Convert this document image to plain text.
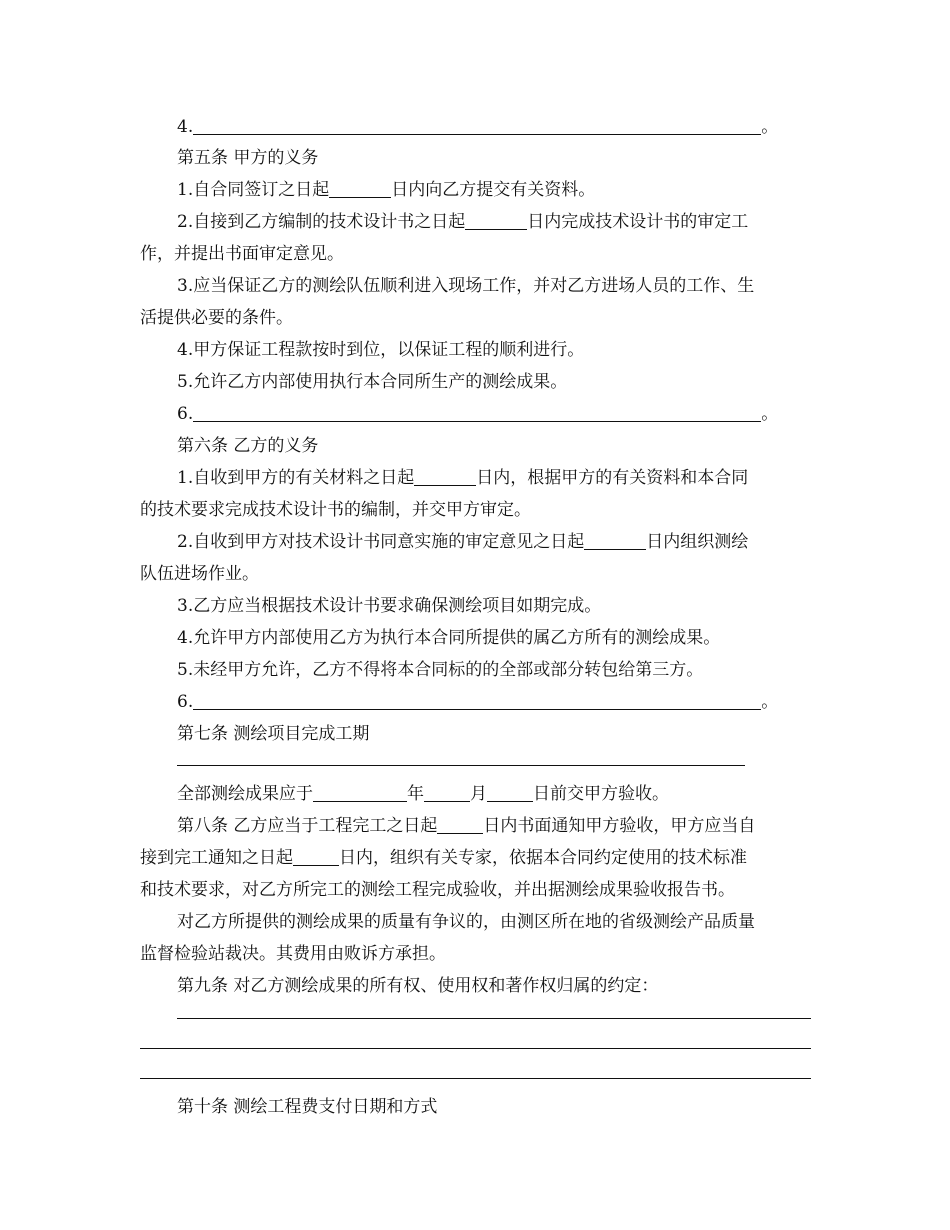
4.	。
第五条 甲方的义务
1.自合同签订之日起	日内向乙方提交有关资料。
2.自接到乙方编制的技术设计书之日起	日内完成技术设计书的审定工
作，并提出书面审定意见。
3.应当保证乙方的测绘队伍顺利进入现场工作，并对乙方进场人员的工作、生
活提供必要的条件。
4.甲方保证工程款按时到位，以保证工程的顺利进行。
5.允许乙方内部使用执行本合同所生产的测绘成果。
6.	。
第六条 乙方的义务
1.自收到甲方的有关材料之日起	日内，根据甲方的有关资料和本合同
的技术要求完成技术设计书的编制，并交甲方审定。
2.自收到甲方对技术设计书同意实施的审定意见之日起	日内组织测绘
队伍进场作业。
3.乙方应当根据技术设计书要求确保测绘项目如期完成。
4.允许甲方内部使用乙方为执行本合同所提供的属乙方所有的测绘成果。
5.未经甲方允许，乙方不得将本合同标的的全部或部分转包给第三方。
6.	。
第七条 测绘项目完成工期
全部测绘成果应于	年	月	日前交甲方验收。
第八条 乙方应当于工程完工之日起	日内书面通知甲方验收，甲方应当自
接到完工通知之日起	日内，组织有关专家，依据本合同约定使用的技术标准
和技术要求，对乙方所完工的测绘工程完成验收，并出据测绘成果验收报告书。
对乙方所提供的测绘成果的质量有争议的，由测区所在地的省级测绘产品质量
监督检验站裁决。其费用由败诉方承担。
第九条 对乙方测绘成果的所有权、使用权和著作权归属的约定：
第十条 测绘工程费支付日期和方式
